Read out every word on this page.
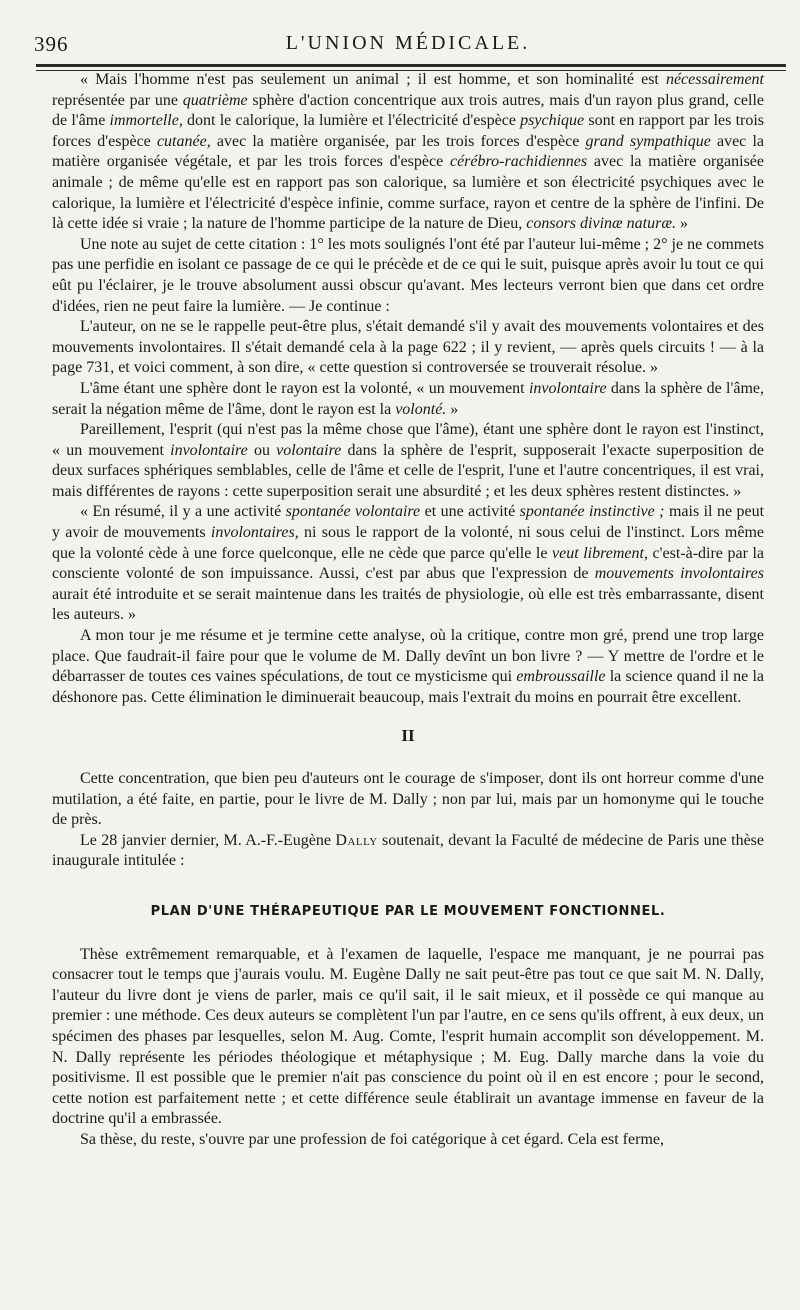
396	L'UNION MÉDICALE.

« Mais l'homme n'est pas seulement un animal ; il est homme, et son hominalité est nécessairement représentée par une quatrième sphère d'action concentrique aux trois autres, mais d'un rayon plus grand, celle de l'âme immortelle, dont le calorique, la lumière et l'électricité d'espèce psychique sont en rapport par les trois forces d'espèce cutanée, avec la matière organisée, par les trois forces d'espèce grand sympathique avec la matière organisée végétale, et par les trois forces d'espèce cérébro-rachidiennes avec la matière organisée animale ; de même qu'elle est en rapport pas son calorique, sa lumière et son électricité psychiques avec le calorique, la lumière et l'électricité d'espèce infinie, comme surface, rayon et centre de la sphère de l'infini. De là cette idée si vraie ; la nature de l'homme participe de la nature de Dieu, consors divinæ naturæ. »

Une note au sujet de cette citation : 1° les mots soulignés l'ont été par l'auteur lui-même ; 2° je ne commets pas une perfidie en isolant ce passage de ce qui le précède et de ce qui le suit, puisque après avoir lu tout ce qui eût pu l'éclairer, je le trouve absolument aussi obscur qu'avant. Mes lecteurs verront bien que dans cet ordre d'idées, rien ne peut faire la lumière. — Je continue :

L'auteur, on ne se le rappelle peut-être plus, s'était demandé s'il y avait des mouvements volontaires et des mouvements involontaires. Il s'était demandé cela à la page 622 ; il y revient, — après quels circuits ! — à la page 731, et voici comment, à son dire, « cette question si controversée se trouverait résolue. »

L'âme étant une sphère dont le rayon est la volonté, « un mouvement involontaire dans la sphère de l'âme, serait la négation même de l'âme, dont le rayon est la volonté. »

Pareillement, l'esprit (qui n'est pas la même chose que l'âme), étant une sphère dont le rayon est l'instinct, « un mouvement involontaire ou volontaire dans la sphère de l'esprit, supposerait l'exacte superposition de deux surfaces sphériques semblables, celle de l'âme et celle de l'esprit, l'une et l'autre concentriques, il est vrai, mais différentes de rayons : cette superposition serait une absurdité ; et les deux sphères restent distinctes. »

« En résumé, il y a une activité spontanée volontaire et une activité spontanée instinctive ; mais il ne peut y avoir de mouvements involontaires, ni sous le rapport de la volonté, ni sous celui de l'instinct. Lors même que la volonté cède à une force quelconque, elle ne cède que parce qu'elle le veut librement, c'est-à-dire par la consciente volonté de son impuissance. Aussi, c'est par abus que l'expression de mouvements involontaires aurait été introduite et se serait maintenue dans les traités de physiologie, où elle est très embarrassante, disent les auteurs. »

A mon tour je me résume et je termine cette analyse, où la critique, contre mon gré, prend une trop large place. Que faudrait-il faire pour que le volume de M. Dally devînt un bon livre ? — Y mettre de l'ordre et le débarrasser de toutes ces vaines spéculations, de tout ce mysticisme qui embroussaille la science quand il ne la déshonore pas. Cette élimination le diminuerait beaucoup, mais l'extrait du moins en pourrait être excellent.

II

Cette concentration, que bien peu d'auteurs ont le courage de s'imposer, dont ils ont horreur comme d'une mutilation, a été faite, en partie, pour le livre de M. Dally ; non par lui, mais par un homonyme qui le touche de près.

Le 28 janvier dernier, M. A.-F.-Eugène Dally soutenait, devant la Faculté de médecine de Paris une thèse inaugurale intitulée :

PLAN D'UNE THÉRAPEUTIQUE PAR LE MOUVEMENT FONCTIONNEL.

Thèse extrêmement remarquable, et à l'examen de laquelle, l'espace me manquant, je ne pourrai pas consacrer tout le temps que j'aurais voulu. M. Eugène Dally ne sait peut-être pas tout ce que sait M. N. Dally, l'auteur du livre dont je viens de parler, mais ce qu'il sait, il le sait mieux, et il possède ce qui manque au premier : une méthode. Ces deux auteurs se complètent l'un par l'autre, en ce sens qu'ils offrent, à eux deux, un spécimen des phases par lesquelles, selon M. Aug. Comte, l'esprit humain accomplit son développement. M. N. Dally représente les périodes théologique et métaphysique ; M. Eug. Dally marche dans la voie du positivisme. Il est possible que le premier n'ait pas conscience du point où il en est encore ; pour le second, cette notion est parfaitement nette ; et cette différence seule établirait un avantage immense en faveur de la doctrine qu'il a embrassée.

Sa thèse, du reste, s'ouvre par une profession de foi catégorique à cet égard. Cela est ferme,
